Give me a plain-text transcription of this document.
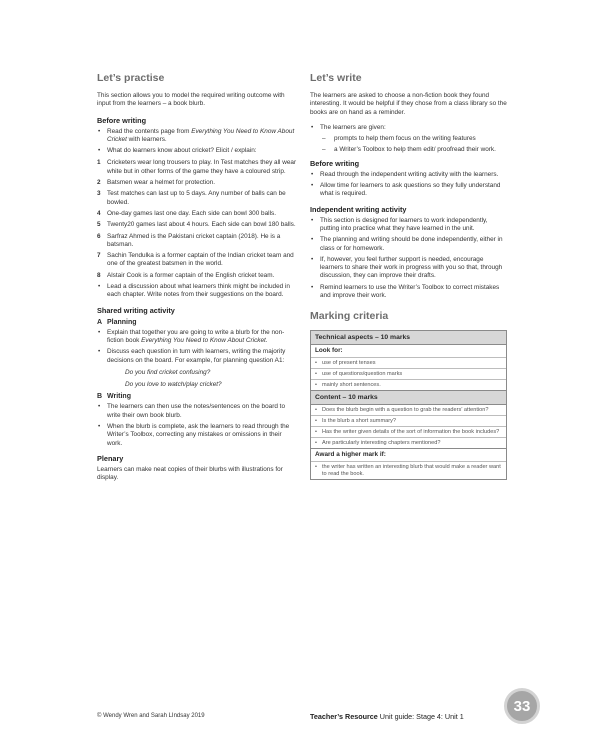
Let’s practise

This section allows you to model the required writing outcome with input from the learners – a book blurb.

Before writing
• Read the contents page from Everything You Need to Know About Cricket with learners.
• What do learners know about cricket? Elicit / explain:
1 Cricketers wear long trousers to play. In Test matches they all wear white but in other forms of the game they have a coloured strip.
2 Batsmen wear a helmet for protection.
3 Test matches can last up to 5 days. Any number of balls can be bowled.
4 One-day games last one day. Each side can bowl 300 balls.
5 Twenty20 games last about 4 hours. Each side can bowl 180 balls.
6 Sarfraz Ahmed is the Pakistani cricket captain (2018). He is a batsman.
7 Sachin Tendulka is a former captain of the Indian cricket team and one of the greatest batsmen in the world.
8 Alstair Cook is a former captain of the English cricket team.
• Lead a discussion about what learners think might be included in each chapter. Write notes from their suggestions on the board.
Shared writing activity
A Planning
• Explain that together you are going to write a blurb for the non-fiction book Everything You Need to Know About Cricket.
• Discuss each question in turn with learners, writing the majority decisions on the board. For example, for planning question A1:
Do you find cricket confusing?
Do you love to watch/play cricket?
B Writing
• The learners can then use the notes/sentences on the board to write their own book blurb.
• When the blurb is complete, ask the learners to read through the Writer’s Toolbox, correcting any mistakes or omissions in their work.
Plenary

Learners can make neat copies of their blurbs with illustrations for display.

Let’s write

The learners are asked to choose a non-fiction book they found interesting. It would be helpful if they chose from a class library so the books are on hand as a reminder.

• The learners are given:
– prompts to help them focus on the writing features
– a Writer’s Toolbox to help them edit/ proofread their work.
Before writing
• Read through the independent writing activity with the learners.
• Allow time for learners to ask questions so they fully understand what is required.
Independent writing activity
• This section is designed for learners to work independently, putting into practice what they have learned in the unit.
• The planning and writing should be done independently, either in class or for homework.
• If, however, you feel further support is needed, encourage learners to share their work in progress with you so that, through discussion, they can improve their drafts.
• Remind learners to use the Writer’s Toolbox to correct mistakes and improve their work.
Marking criteria
Technical aspects – 10 marks
Look for:
• use of present tenses
• use of questions/question marks
• mainly short sentences.
Content – 10 marks
• Does the blurb begin with a question to grab the readers’ attention?
• Is the blurb a short summary?
• Has the writer given details of the sort of information the book includes?
• Are particularly interesting chapters mentioned?
Award a higher mark if:
• the writer has written an interesting blurb that would make a reader want to read the book.
© Wendy Wren and Sarah LIndsay 2019	Teacher’s Resource Unit guide: Stage 4: Unit 1
33
